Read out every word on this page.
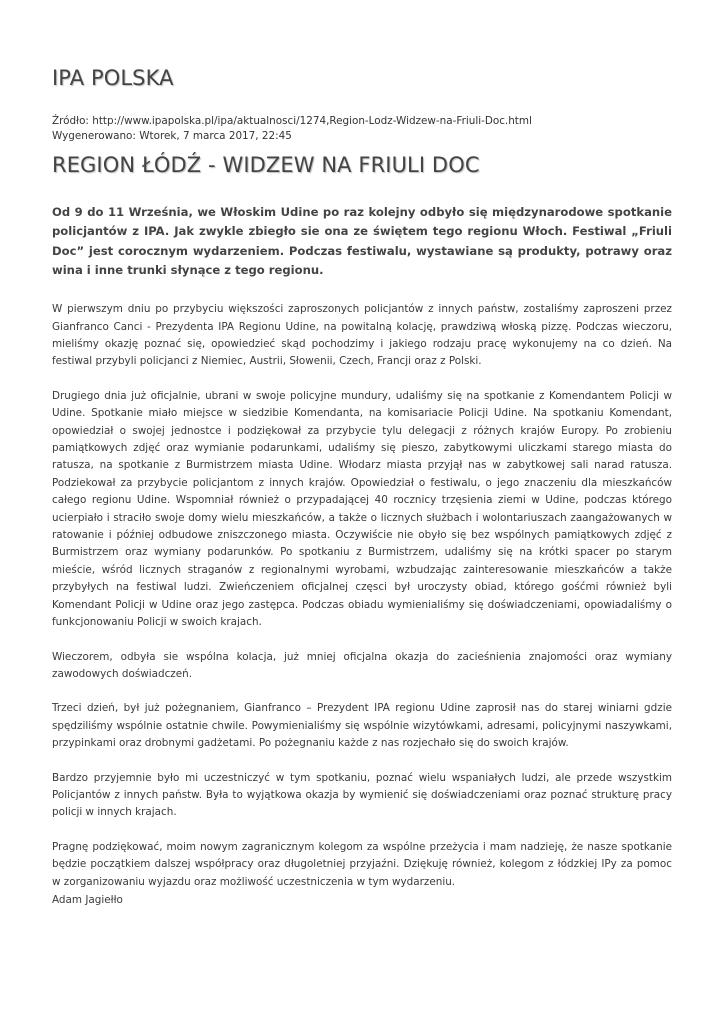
IPA POLSKA
Źródło: http://www.ipapolska.pl/ipa/aktualnosci/1274,Region-Lodz-Widzew-na-Friuli-Doc.html
Wygenerowano: Wtorek, 7 marca 2017, 22:45
REGION ŁÓDŹ - WIDZEW NA FRIULI DOC

Od 9 do 11 Września, we Włoskim Udine po raz kolejny odbyło się międzynarodowe spotkanie policjantów z IPA. Jak zwykle zbiegło sie ona ze świętem tego regionu Włoch. Festiwal „Friuli Doc” jest corocznym wydarzeniem. Podczas festiwalu, wystawiane są produkty, potrawy oraz wina i inne trunki słynące z tego regionu.

W pierwszym dniu po przybyciu większości zaproszonych policjantów z innych państw, zostaliśmy zaproszeni przez Gianfranco Canci - Prezydenta IPA Regionu Udine, na powitalną kolację, prawdziwą włoską pizzę. Podczas wieczoru, mieliśmy okazję poznać się, opowiedzieć skąd pochodzimy i jakiego rodzaju pracę wykonujemy na co dzień. Na festiwal przybyli policjanci z Niemiec, Austrii, Słowenii, Czech, Francji oraz z Polski.

Drugiego dnia już oficjalnie, ubrani w swoje policyjne mundury, udaliśmy się na spotkanie z Komendantem Policji w Udine. Spotkanie miało miejsce w siedzibie Komendanta, na komisariacie Policji Udine. Na spotkaniu Komendant, opowiedział o swojej jednostce i podziękował za przybycie tylu delegacji z różnych krajów Europy. Po zrobieniu pamiątkowych zdjęć oraz wymianie podarunkami, udaliśmy się pieszo, zabytkowymi uliczkami starego miasta do ratusza, na spotkanie z Burmistrzem miasta Udine. Włodarz miasta przyjął nas w zabytkowej sali narad ratusza. Podziekował za przybycie policjantom z innych krajów. Opowiedział o festiwalu, o jego znaczeniu dla mieszkańców całego regionu Udine. Wspomniał również o przypadającej 40 rocznicy trzęsienia ziemi w Udine, podczas którego ucierpiało i straciło swoje domy wielu mieszkańców, a także o licznych służbach i wolontariuszach zaangażowanych w ratowanie i później odbudowe zniszczonego miasta. Oczywiście nie obyło się bez wspólnych pamiątkowych zdjęć z Burmistrzem oraz wymiany podarunków. Po spotkaniu z Burmistrzem, udaliśmy się na krótki spacer po starym mieście, wśród licznych straganów z regionalnymi wyrobami, wzbudzając zainteresowanie mieszkańców a także przybyłych na festiwal ludzi. Zwieńczeniem oficjalnej częsci był uroczysty obiad, którego gośćmi również byli Komendant Policji w Udine oraz jego zastępca. Podczas obiadu wymienialiśmy się doświadczeniami, opowiadaliśmy o funkcjonowaniu Policji w swoich krajach.

Wieczorem, odbyła sie wspólna kolacja, już mniej oficjalna okazja do zacieśnienia znajomości oraz wymiany zawodowych doświadczeń.

Trzeci dzień, był już pożegnaniem, Gianfranco – Prezydent IPA regionu Udine zaprosił nas do starej winiarni gdzie spędziliśmy wspólnie ostatnie chwile. Powymienialiśmy się wspólnie wizytówkami, adresami, policyjnymi naszywkami, przypinkami oraz drobnymi gadżetami. Po pożegnaniu każde z nas rozjechało się do swoich krajów.

Bardzo przyjemnie było mi uczestniczyć w tym spotkaniu, poznać wielu wspaniałych ludzi, ale przede wszystkim Policjantów z innych państw. Była to wyjątkowa okazja by wymienić się doświadczeniami oraz poznać strukturę pracy policji w innych krajach.

Pragnę podziękować, moim nowym zagranicznym kolegom za wspólne przeżycia i mam nadzieję, że nasze spotkanie będzie początkiem dalszej współpracy oraz długoletniej przyjaźni. Dziękuję również, kolegom z łódzkiej IPy za pomoc w zorganizowaniu wyjazdu oraz możliwość uczestniczenia w tym wydarzeniu.

Adam Jagiełło
